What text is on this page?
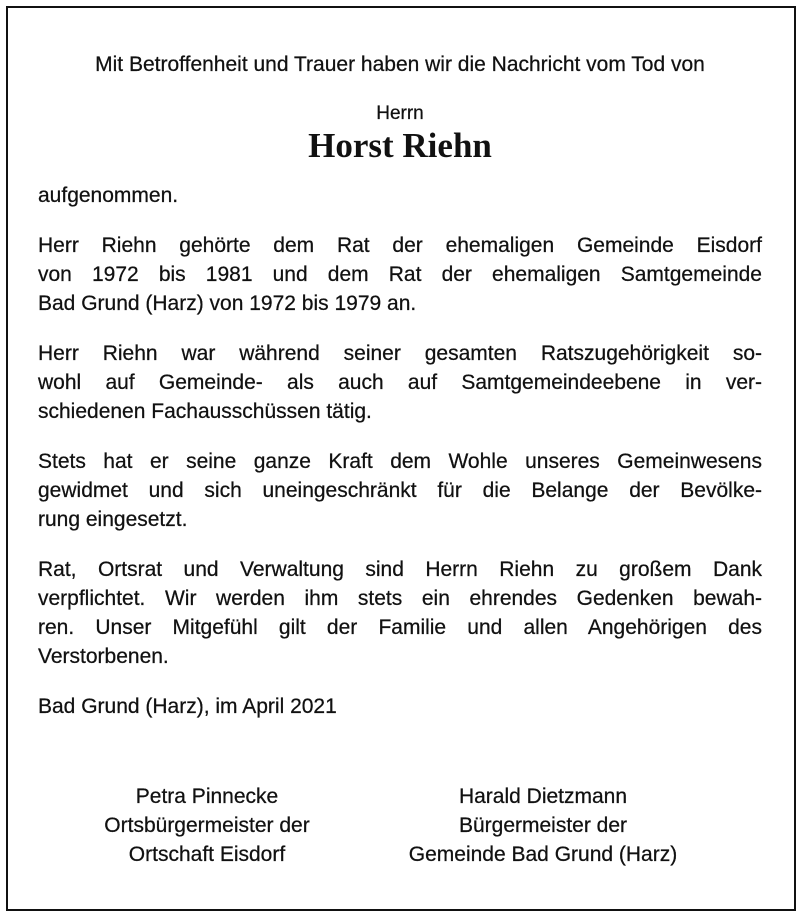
Mit Betroffenheit und Trauer haben wir die Nachricht vom Tod von

Herrn

Horst Riehn

aufgenommen.

Herr Riehn gehörte dem Rat der ehemaligen Gemeinde Eisdorf
von 1972 bis 1981 und dem Rat der ehemaligen Samtgemeinde
Bad Grund (Harz) von 1972 bis 1979 an.
Herr Riehn war während seiner gesamten Ratszugehörigkeit so-
wohl auf Gemeinde- als auch auf Samtgemeindeebene in ver-
schiedenen Fachausschüssen tätig.
Stets hat er seine ganze Kraft dem Wohle unseres Gemeinwesens
gewidmet und sich uneingeschränkt für die Belange der Bevölke-
rung eingesetzt.
Rat, Ortsrat und Verwaltung sind Herrn Riehn zu großem Dank
verpflichtet. Wir werden ihm stets ein ehrendes Gedenken bewah-
ren. Unser Mitgefühl gilt der Familie und allen Angehörigen des
Verstorbenen.

Bad Grund (Harz), im April 2021

Petra Pinnecke
Ortsbürgermeister der
Ortschaft Eisdorf
Harald Dietzmann
Bürgermeister der
Gemeinde Bad Grund (Harz)
